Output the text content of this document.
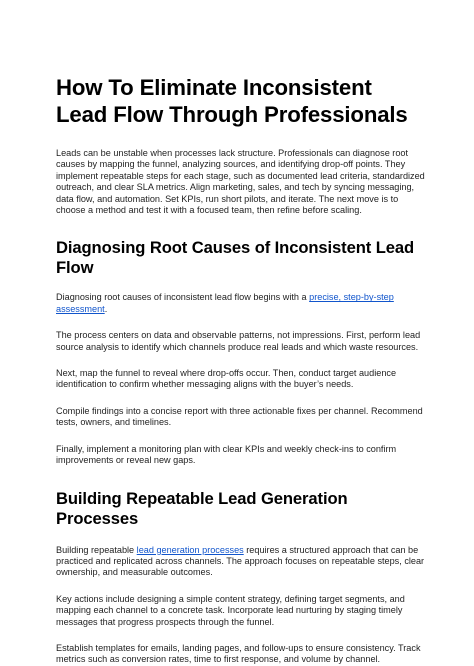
How To Eliminate Inconsistent Lead Flow Through Professionals

Leads can be unstable when processes lack structure. Professionals can diagnose root causes by mapping the funnel, analyzing sources, and identifying drop-off points. They implement repeatable steps for each stage, such as documented lead criteria, standardized outreach, and clear SLA metrics. Align marketing, sales, and tech by syncing messaging, data flow, and automation. Set KPIs, run short pilots, and iterate. The next move is to choose a method and test it with a focused team, then refine before scaling.

Diagnosing Root Causes of Inconsistent Lead Flow

Diagnosing root causes of inconsistent lead flow begins with a precise, step-by-step assessment.

The process centers on data and observable patterns, not impressions. First, perform lead source analysis to identify which channels produce real leads and which waste resources.

Next, map the funnel to reveal where drop-offs occur. Then, conduct target audience identification to confirm whether messaging aligns with the buyer’s needs.

Compile findings into a concise report with three actionable fixes per channel. Recommend tests, owners, and timelines.

Finally, implement a monitoring plan with clear KPIs and weekly check-ins to confirm improvements or reveal new gaps.

Building Repeatable Lead Generation Processes

Building repeatable lead generation processes requires a structured approach that can be practiced and replicated across channels. The approach focuses on repeatable steps, clear ownership, and measurable outcomes.

Key actions include designing a simple content strategy, defining target segments, and mapping each channel to a concrete task. Incorporate lead nurturing by staging timely messages that progress prospects through the funnel.

Establish templates for emails, landing pages, and follow-ups to ensure consistency. Track metrics such as conversion rates, time to first response, and volume by channel.
